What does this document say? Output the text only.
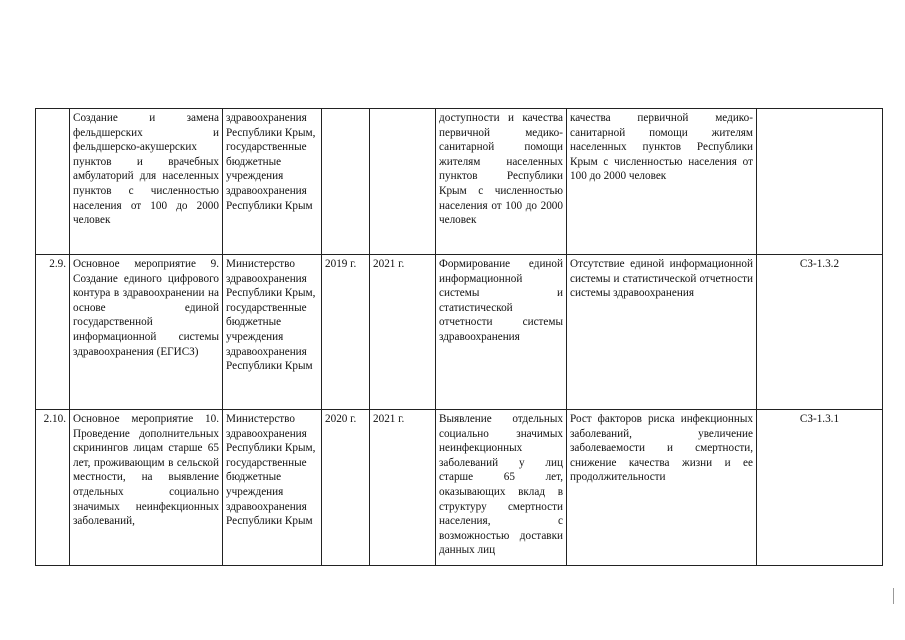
	Создание и замена фельдшерских и фельдшерско-акушерских пунктов и врачебных амбулаторий для населенных пунктов с численностью населения от 100 до 2000 человек	здравоохранения Республики Крым, государственные бюджетные учреждения здравоохранения Республики Крым			доступности и качества первичной медико-санитарной помощи жителям населенных пунктов Республики Крым с численностью населения от 100 до 2000 человек	качества первичной медико-санитарной помощи жителям населенных пунктов Республики Крым с численностью населения от 100 до 2000 человек	
2.9.	Основное мероприятие 9. Создание единого цифрового контура в здравоохранении на основе единой государственной информационной системы здравоохранения (ЕГИСЗ)	Министерство здравоохранения Республики Крым, государственные бюджетные учреждения здравоохранения Республики Крым	2019 г.	2021 г.	Формирование единой информационной системы и статистической отчетности системы здравоохранения	Отсутствие единой информационной системы и статистической отчетности системы здравоохранения	СЗ-1.3.2
2.10.	Основное мероприятие 10. Проведение дополнительных скринингов лицам старше 65 лет, проживающим в сельской местности, на выявление отдельных социально значимых неинфекционных заболеваний,	Министерство здравоохранения Республики Крым, государственные бюджетные учреждения здравоохранения Республики Крым	2020 г.	2021 г.	Выявление отдельных социально значимых неинфекционных заболеваний у лиц старше 65 лет, оказывающих вклад в структуру смертности населения, с возможностью доставки данных лиц	Рост факторов риска инфекционных заболеваний, увеличение заболеваемости и смертности, снижение качества жизни и ее продолжительности	СЗ-1.3.1
